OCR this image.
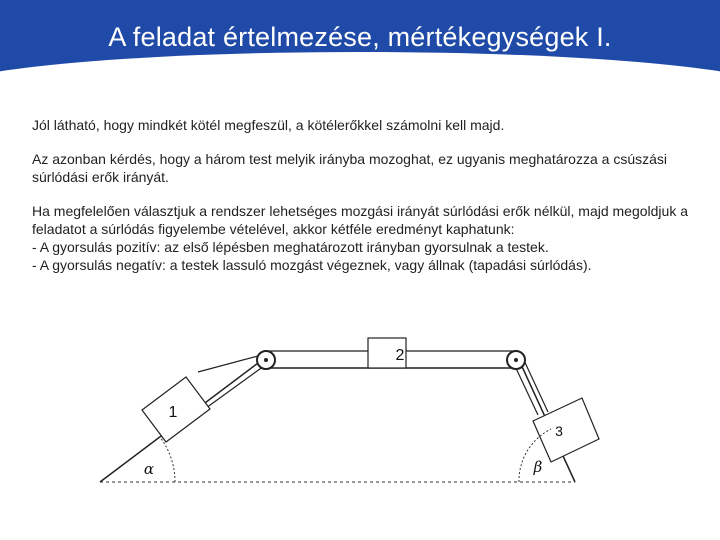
A feladat értelmezése, mértékegységek I.

Jól látható, hogy mindkét kötél megfeszül, a kötélerőkkel számolni kell majd.

Az azonban kérdés, hogy a három test melyik irányba mozoghat, ez ugyanis meghatározza a csúszási súrlódási erők irányát.

Ha megfelelően választjuk a rendszer lehetséges mozgási irányát súrlódási erők nélkül, majd megoldjuk a feladatot a súrlódás figyelembe vételével, akkor kétféle eredményt kaphatunk:

- A gyorsulás pozitív: az első lépésben meghatározott irányban gyorsulnak a testek.

- A gyorsulás negatív: a testek lassuló mozgást végeznek, vagy állnak (tapadási súrlódás).

2
1
3
α	β
